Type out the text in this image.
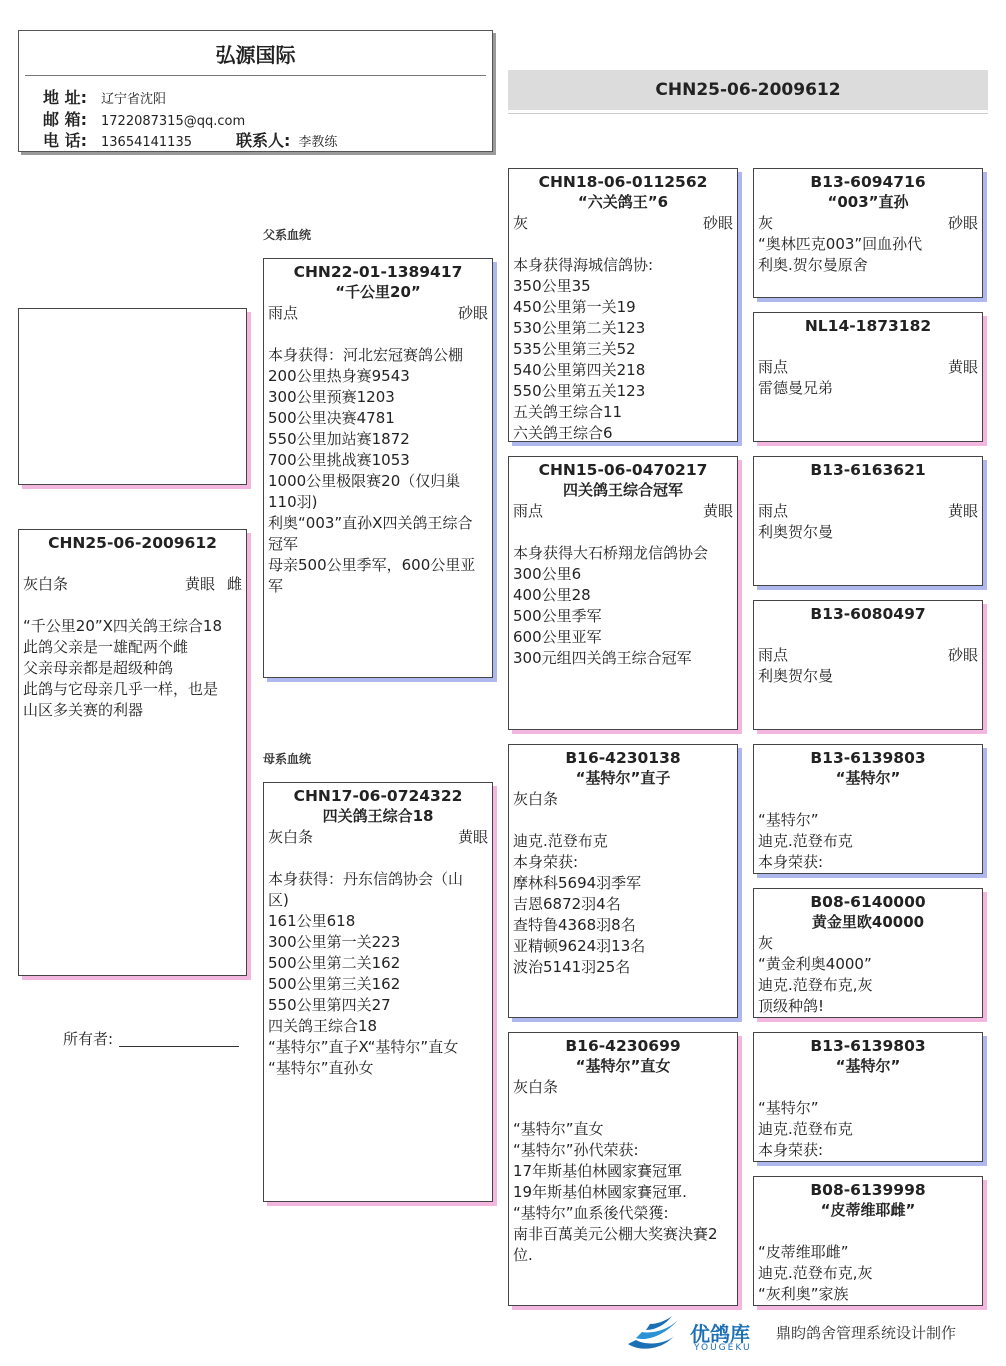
弘源国际
地 址: 辽宁省沈阳
邮 箱: 1722087315@qq.com
电 话: 13654141135	联系人: 李教练
CHN25-06-2009612
父系血统
母系血统
CHN25-06-2009612
灰白条	黄眼 雌
“千公里20”X四关鸽王综合18
此鸽父亲是一雄配两个雌
父亲母亲都是超级种鸽
此鸽与它母亲几乎一样，也是
山区多关赛的利器
CHN22-01-1389417
“千公里20”
雨点	砂眼
本身获得：河北宏冠赛鸽公棚
200公里热身赛9543
300公里预赛1203
500公里决赛4781
550公里加站赛1872
700公里挑战赛1053
1000公里极限赛20（仅归巢
110羽)
利奥“003”直孙X四关鸽王综合
冠军
母亲500公里季军，600公里亚
军
CHN17-06-0724322
四关鸽王综合18
灰白条	黄眼
本身获得：丹东信鸽协会（山
区)
161公里618
300公里第一关223
500公里第二关162
500公里第三关162
550公里第四关27
四关鸽王综合18
“基特尔”直子X“基特尔”直女
“基特尔”直孙女
CHN18-06-0112562
“六关鸽王”6
灰	砂眼
本身获得海城信鸽协:
350公里35
450公里第一关19
530公里第二关123
535公里第三关52
540公里第四关218
550公里第五关123
五关鸽王综合11
六关鸽王综合6
CHN15-06-0470217
四关鸽王综合冠军
雨点	黄眼
本身获得大石桥翔龙信鸽协会
300公里6
400公里28
500公里季军
600公里亚军
300元组四关鸽王综合冠军
B16-4230138
“基特尔”直子
灰白条
迪克.范登布克
本身荣获:
摩林科5694羽季军
吉恩6872羽4名
查特鲁4368羽8名
亚精顿9624羽13名
波治5141羽25名
B16-4230699
“基特尔”直女
灰白条
“基特尔”直女
“基特尔”孙代荣获:
17年斯基伯林國家賽冠軍
19年斯基伯林國家賽冠軍.
“基特尔”血系後代榮獲:
南非百萬美元公棚大奖赛決賽2
位.
B13-6094716
“003”直孙
灰	砂眼
“奥林匹克003”回血孙代
利奥.贺尔曼原舍
NL14-1873182
雨点	黄眼
雷德曼兄弟
B13-6163621
雨点	黄眼
利奥贺尔曼
B13-6080497
雨点	砂眼
利奥贺尔曼
B13-6139803
“基特尔”
“基特尔”
迪克.范登布克
本身荣获:
B08-6140000
黄金里欧40000
灰
“黄金利奥4000”
迪克.范登布克,灰
顶级种鸽!
B13-6139803
“基特尔”
“基特尔”
迪克.范登布克
本身荣获:
B08-6139998
“皮蒂维耶雌”
“皮蒂维耶雌”
迪克.范登布克,灰
“灰利奥”家族
所有者:
优鸽库
YOUGEKU
鼎盷鸽舍管理系统设计制作
